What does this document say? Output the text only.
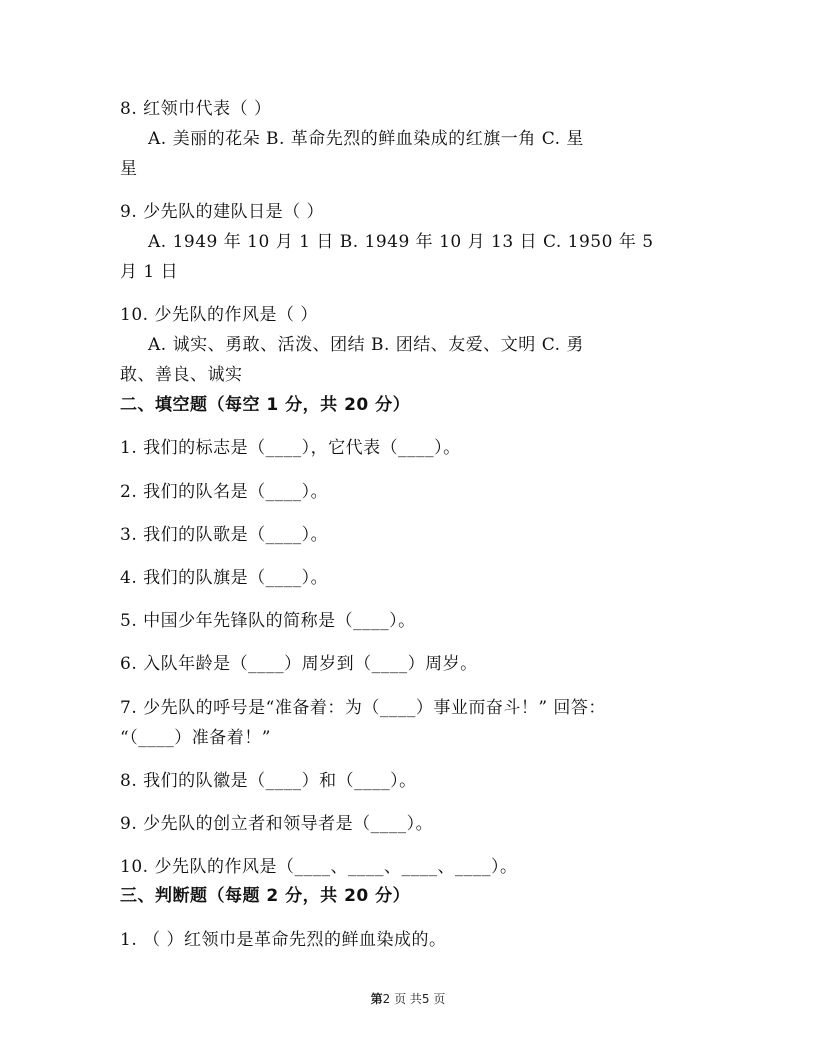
8. 红领巾代表（ ）
A. 美丽的花朵 B. 革命先烈的鲜血染成的红旗一角 C. 星
星
9. 少先队的建队日是（ ）
A. 1949 年 10 月 1 日 B. 1949 年 10 月 13 日 C. 1950 年 5
月 1 日
10. 少先队的作风是（ ）
A. 诚实、勇敢、活泼、团结 B. 团结、友爱、文明 C. 勇
敢、善良、诚实
二、填空题（每空 1 分，共 20 分）
1. 我们的标志是（____），它代表（____）。
2. 我们的队名是（____）。
3. 我们的队歌是（____）。
4. 我们的队旗是（____）。
5. 中国少年先锋队的简称是（____）。
6. 入队年龄是（____）周岁到（____）周岁。
7. 少先队的呼号是“准备着：为（____）事业而奋斗！” 回答：
“（____）准备着！”
8. 我们的队徽是（____）和（____）。
9. 少先队的创立者和领导者是（____）。
10. 少先队的作风是（____、____、____、____）。
三、判断题（每题 2 分，共 20 分）
1. （ ）红领巾是革命先烈的鲜血染成的。
第2 页 共5 页
